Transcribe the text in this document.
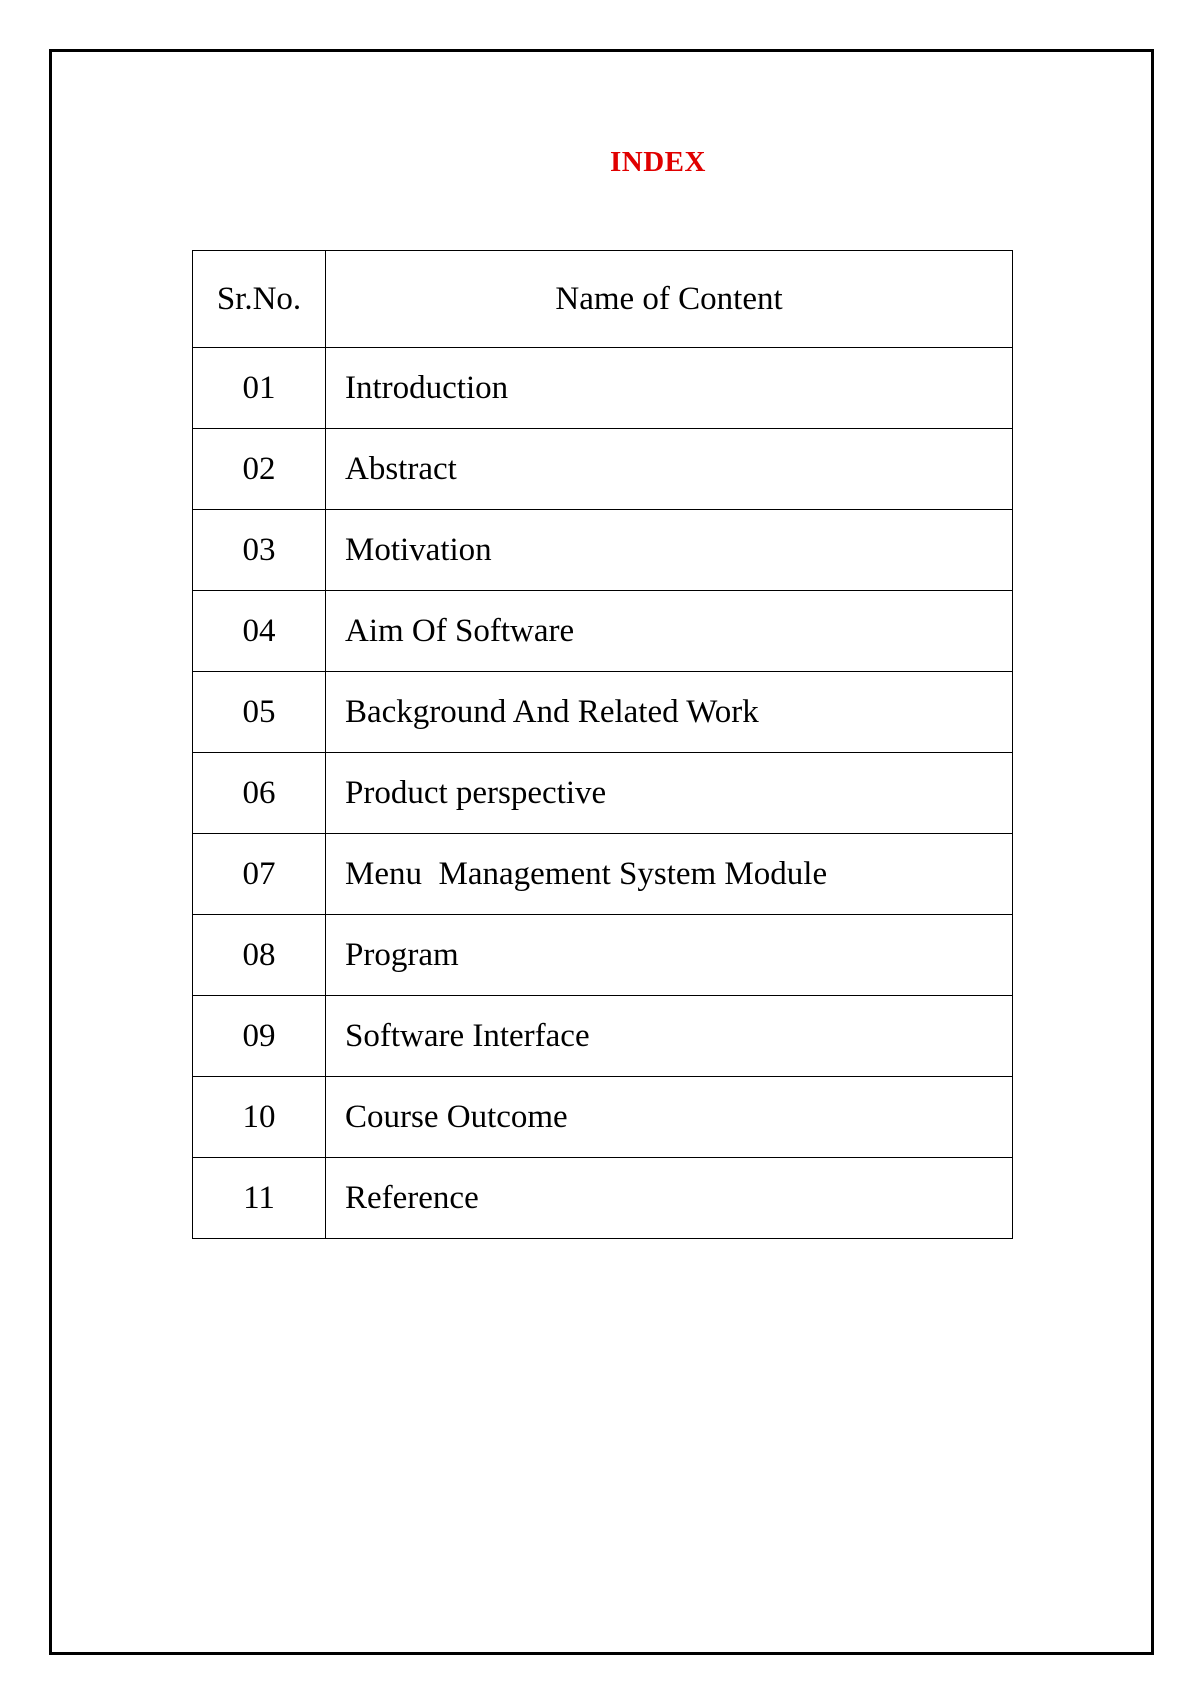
INDEX
Sr.No.	Name of Content
01	Introduction
02	Abstract
03	Motivation
04	Aim Of Software
05	Background And Related Work
06	Product perspective
07	Menu  Management System Module
08	Program
09	Software Interface
10	Course Outcome
11	Reference
